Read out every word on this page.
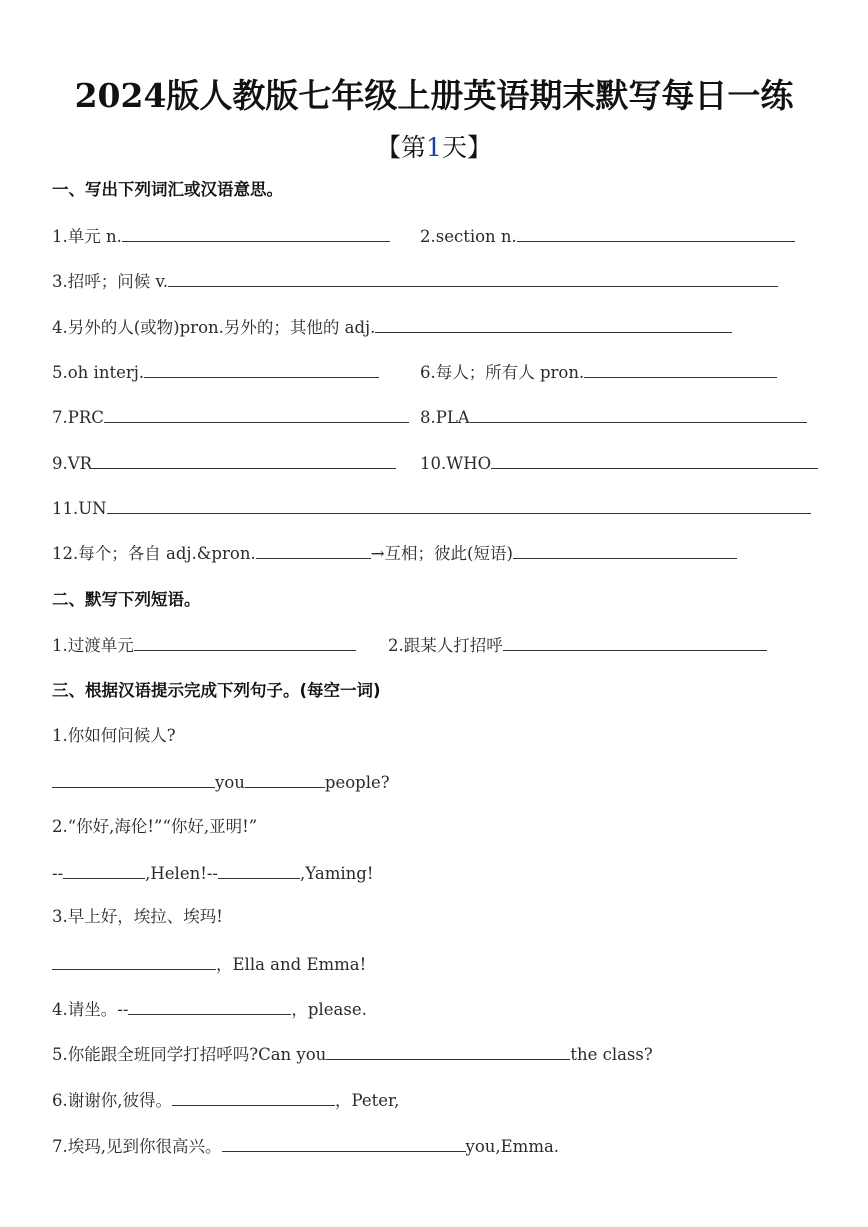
2024版人教版七年级上册英语期末默写每日一练
【第1天】
一、写出下列词汇或汉语意思。
1.单元 n.	2.section n.
3.招呼；问候 v.
4.另外的人(或物)pron.另外的；其他的 adj.
5.oh interj.	6.每人；所有人 pron.
7.PRC	8.PLA
9.VR	10.WHO
11.UN
12.每个；各自 adj.&pron.	→互相；彼此(短语)
二、默写下列短语。
1.过渡单元	2.跟某人打招呼
三、根据汉语提示完成下列句子。(每空一词)
1.你如何问候人?
you	people?
2.“你好,海伦!”“你好,亚明!”
--	,Helen!--	,Yaming!
3.早上好，埃拉、埃玛!
，Ella and Emma!
4.请坐。--	，please.
5.你能跟全班同学打招呼吗?Can you	the class?
6.谢谢你,彼得。	，Peter,
7.埃玛,见到你很高兴。	you,Emma.
